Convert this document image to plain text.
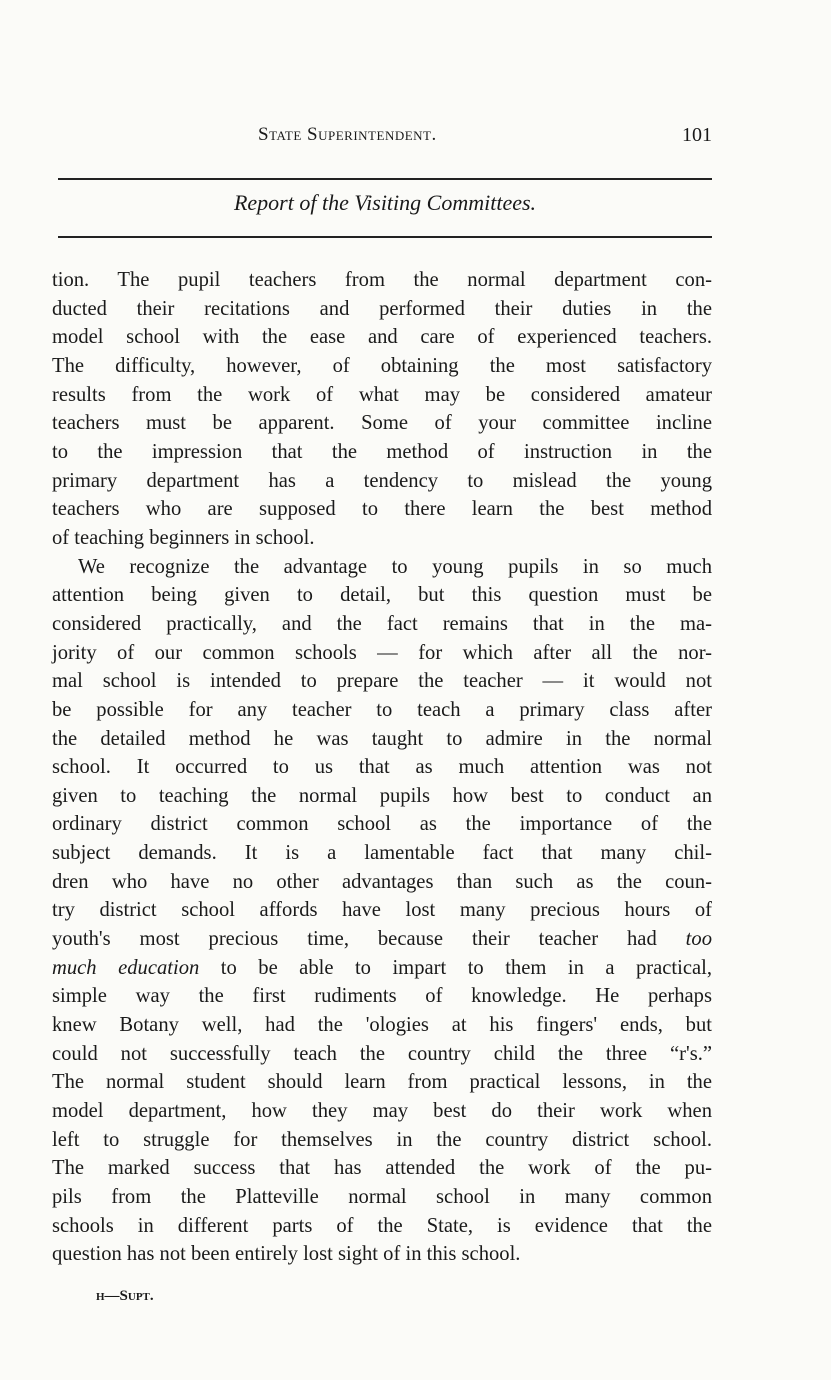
State Superintendent.	101
Report of the Visiting Committees.
tion. The pupil teachers from the normal department con-
ducted their recitations and performed their duties in the
model school with the ease and care of experienced teachers.
The difficulty, however, of obtaining the most satisfactory
results from the work of what may be considered amateur
teachers must be apparent. Some of your committee incline
to the impression that the method of instruction in the
primary department has a tendency to mislead the young
teachers who are supposed to there learn the best method
of teaching beginners in school.
We recognize the advantage to young pupils in so much
attention being given to detail, but this question must be
considered practically, and the fact remains that in the ma-
jority of our common schools — for which after all the nor-
mal school is intended to prepare the teacher — it would not
be possible for any teacher to teach a primary class after
the detailed method he was taught to admire in the normal
school. It occurred to us that as much attention was not
given to teaching the normal pupils how best to conduct an
ordinary district common school as the importance of the
subject demands. It is a lamentable fact that many chil-
dren who have no other advantages than such as the coun-
try district school affords have lost many precious hours of
youth's most precious time, because their teacher had too
much education to be able to impart to them in a practical,
simple way the first rudiments of knowledge. He perhaps
knew Botany well, had the 'ologies at his fingers' ends, but
could not successfully teach the country child the three “r's.”
The normal student should learn from practical lessons, in the
model department, how they may best do their work when
left to struggle for themselves in the country district school.
The marked success that has attended the work of the pu-
pils from the Platteville normal school in many common
schools in different parts of the State, is evidence that the
question has not been entirely lost sight of in this school.
h—Supt.
